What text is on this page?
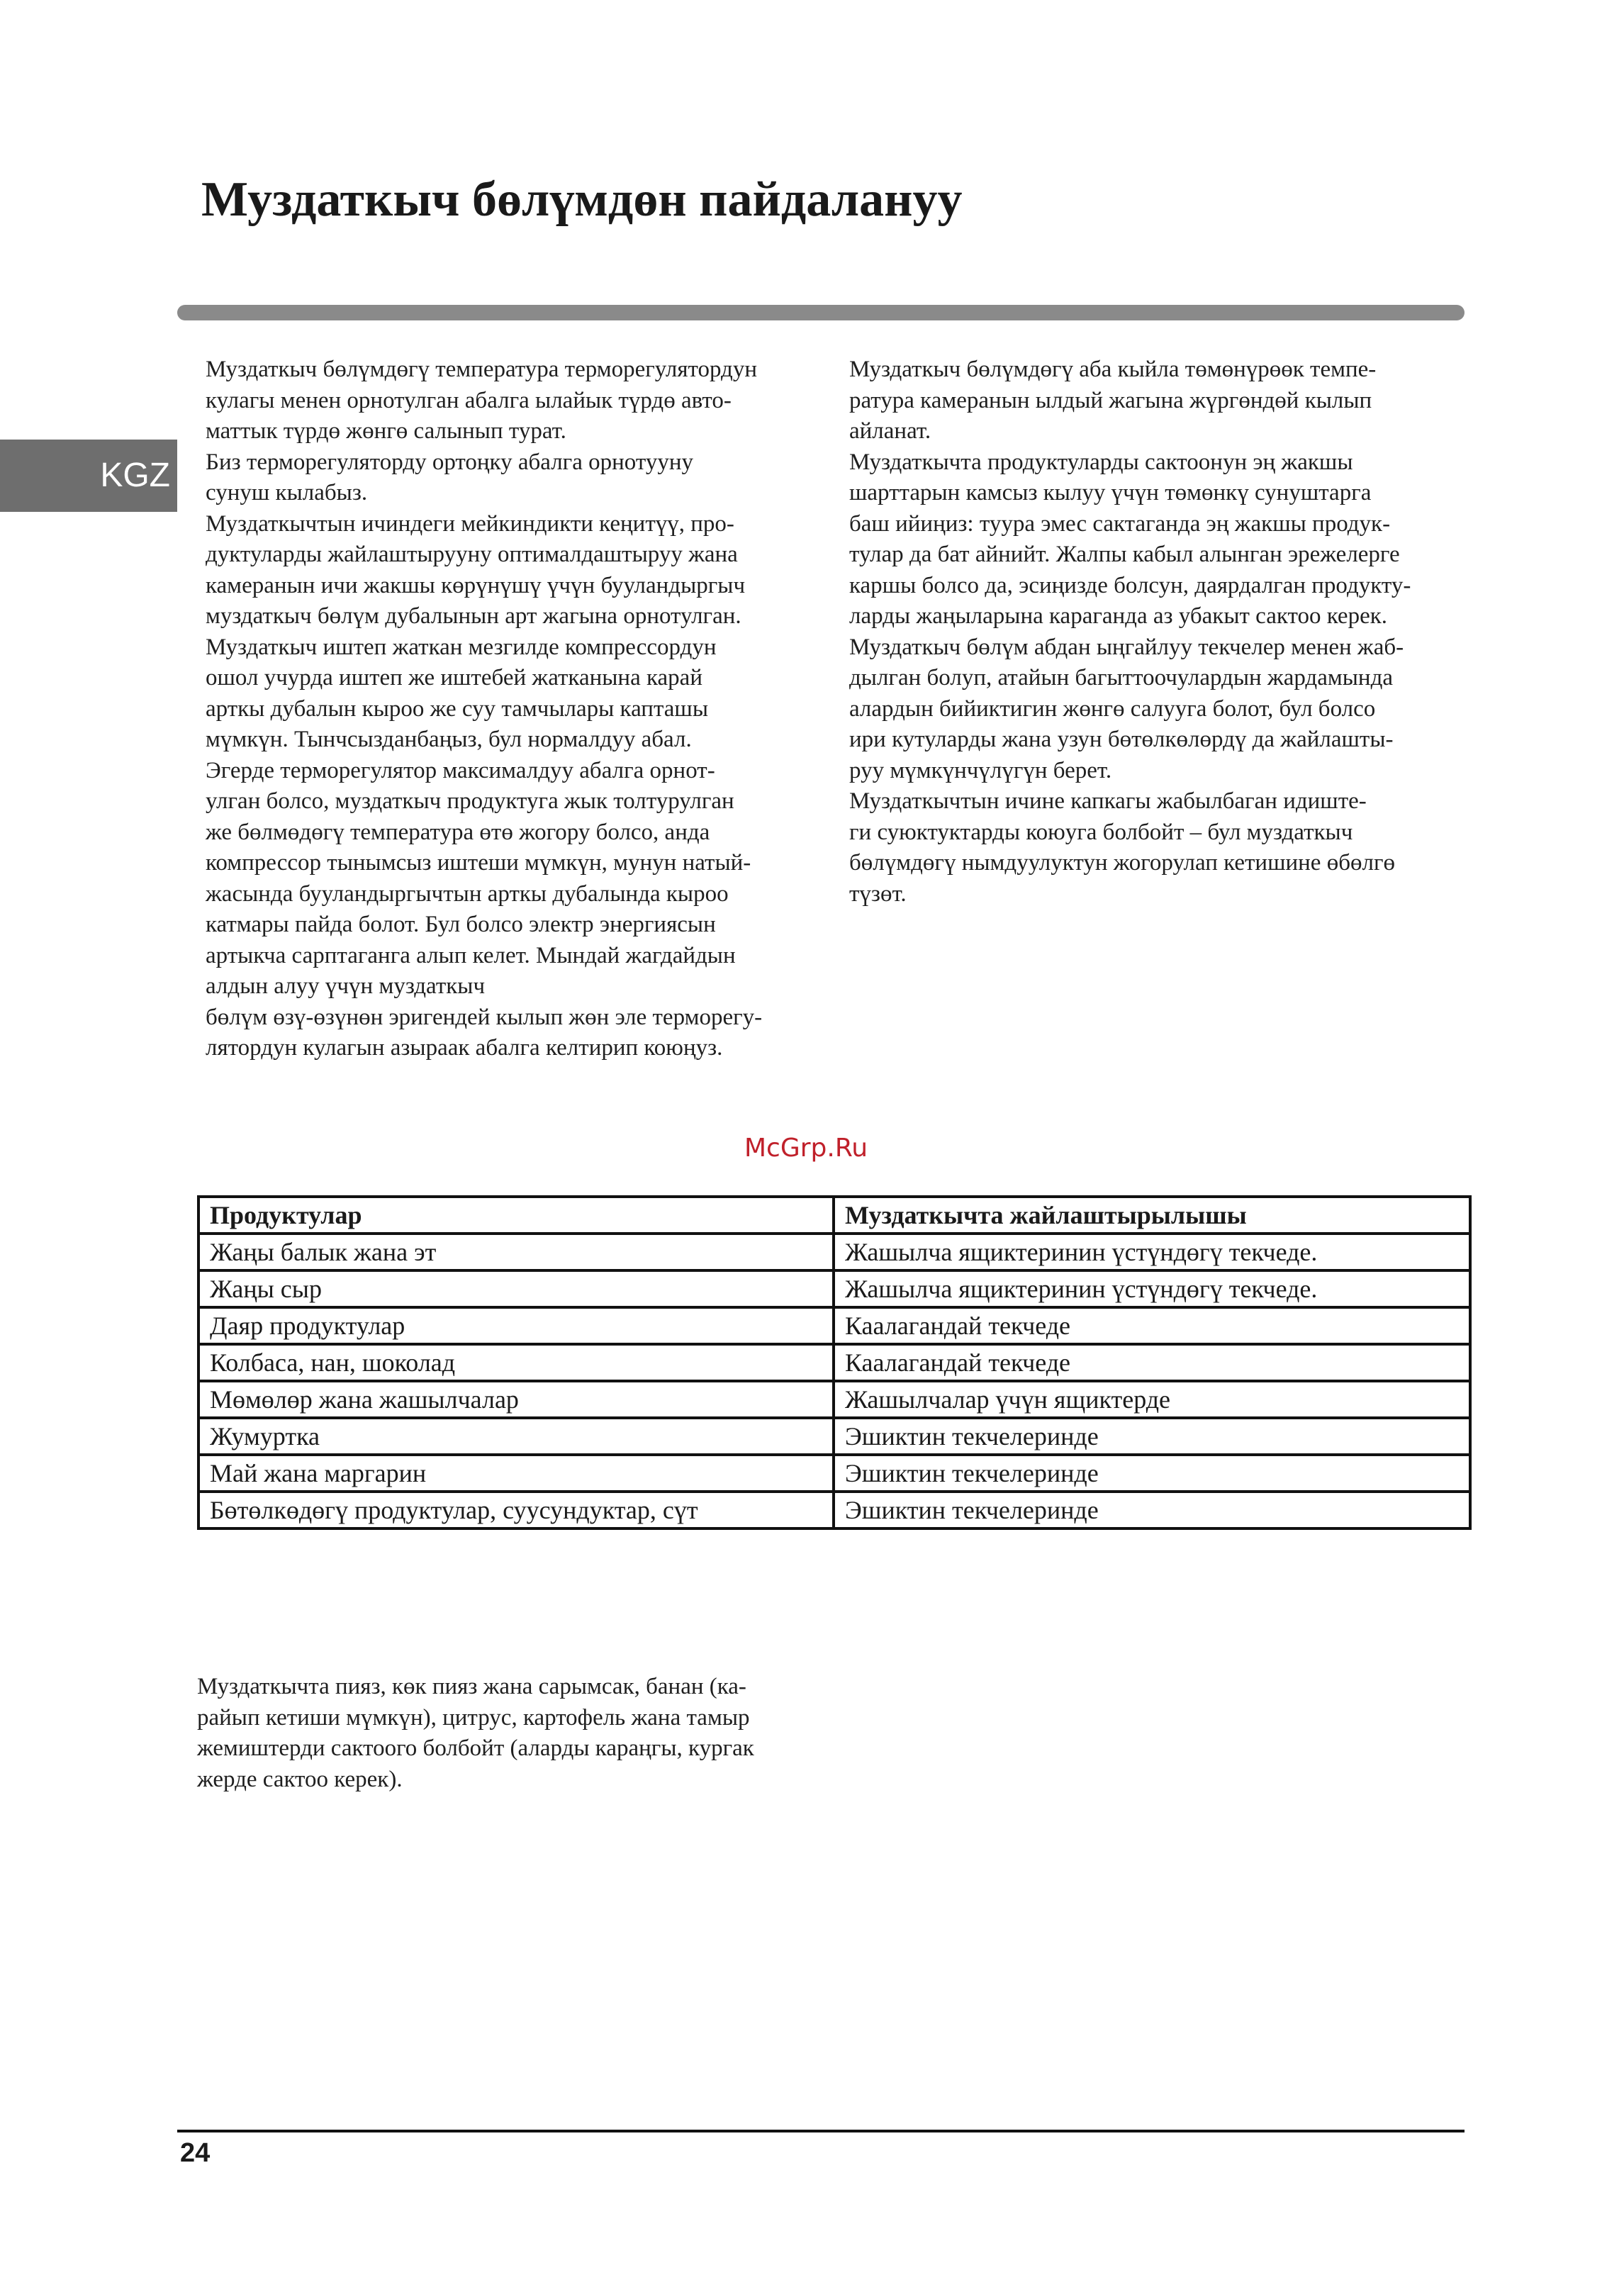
Муздаткыч бөлүмдөн пайдалануу
KGZ
Муздаткыч бөлүмдөгү температура терморегулятордун
кулагы менен орнотулган абалга ылайык түрдө авто-
маттык түрдө жөнгө салынып турат.
Биз терморегуляторду ортоңку абалга орнотууну
сунуш кылабыз.
Муздаткычтын ичиндеги мейкиндикти кеңитүү, про-
дуктуларды жайлаштырууну оптималдаштыруу жана
камеранын ичи жакшы көрүнүшү үчүн бууландыргыч
муздаткыч бөлүм дубалынын арт жагына орнотулган.
Муздаткыч иштеп жаткан мезгилде компрессордун
ошол учурда иштеп же иштебей жатканына карай
арткы дубалын кыроо же суу тамчылары капташы
мүмкүн. Тынчсызданбаңыз, бул нормалдуу абал.
Эгерде терморегулятор максималдуу абалга орнот-
улган болсо, муздаткыч продуктуга жык толтурулган
же бөлмөдөгү температура өтө жогору болсо, анда
компрессор тынымсыз иштеши мүмкүн, мунун натый-
жасында бууландыргычтын арткы дубалында кыроо
катмары пайда болот. Бул болсо электр энергиясын
артыкча сарптаганга алып келет. Мындай жагдайдын
алдын алуу үчүн муздаткыч
бөлүм өзү-өзүнөн эригендей кылып жөн эле терморегу-
лятордун кулагын азыраак абалга келтирип коюңуз.
Муздаткыч бөлүмдөгү аба кыйла төмөнүрөөк темпе-
ратура камеранын ылдый жагына жүргөндөй кылып
айланат.
Муздаткычта продуктуларды сактоонун эң жакшы
шарттарын камсыз кылуу үчүн төмөнкү сунуштарга
баш ийиңиз: туура эмес сактаганда эң жакшы продук-
тулар да бат айнийт. Жалпы кабыл алынган эрежелерге
каршы болсо да, эсиңизде болсун, даярдалган продукту-
ларды жаңыларына караганда аз убакыт сактоо керек.
Муздаткыч бөлүм абдан ыңгайлуу текчелер менен жаб-
дылган болуп, атайын багыттоочулардын жардамында
алардын бийиктигин жөнгө салууга болот, бул болсо
ири кутуларды жана узун бөтөлкөлөрдү да жайлашты-
руу мүмкүнчүлүгүн берет.
Муздаткычтын ичине капкагы жабылбаган идиште-
ги суюктуктарды коюуга болбойт – бул муздаткыч
бөлүмдөгү нымдуулуктун жогорулап кетишине өбөлгө
түзөт.
McGrp.Ru
Продуктулар	Муздаткычта жайлаштырылышы
Жаңы балык жана эт	Жашылча ящиктеринин үстүндөгү текчеде.
Жаңы сыр	Жашылча ящиктеринин үстүндөгү текчеде.
Даяр продуктулар	Каалагандай текчеде
Колбаса, нан, шоколад	Каалагандай текчеде
Мөмөлөр жана жашылчалар	Жашылчалар үчүн ящиктерде
Жумуртка	Эшиктин текчелеринде
Май жана маргарин	Эшиктин текчелеринде
Бөтөлкөдөгү продуктулар, суусундуктар, сүт	Эшиктин текчелеринде
Муздаткычта пияз, көк пияз жана сарымсак, банан (ка-
райып кетиши мүмкүн), цитрус, картофель жана тамыр
жемиштерди сактоого болбойт (аларды караңгы, кургак
жерде сактоо керек).
24
